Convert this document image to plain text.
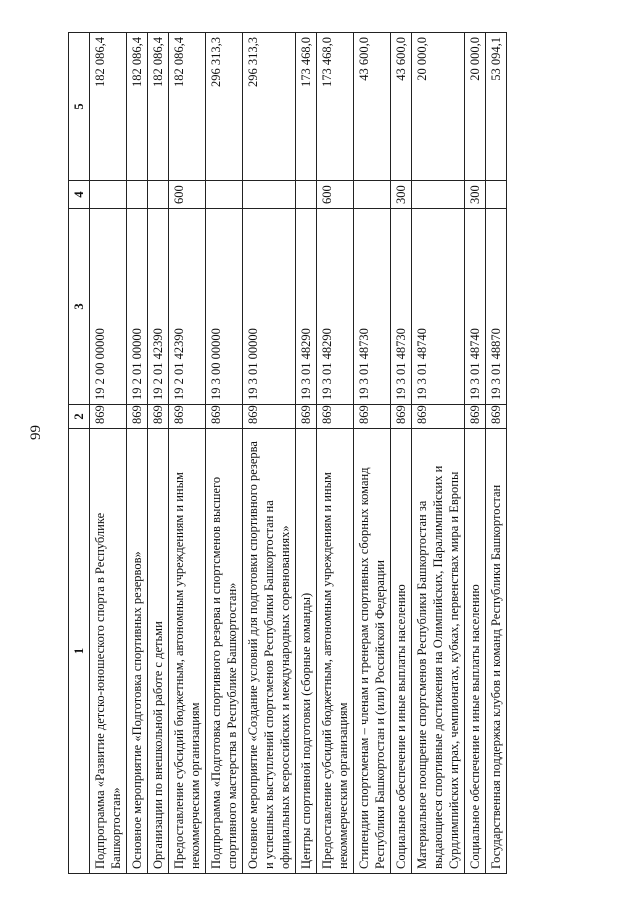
99
1	2	3	4	5
Подпрограмма «Развитие детско-юношеского спорта в Республике Башкортостан»	869	19 2 00 00000		182 086,4
Основное мероприятие «Подготовка спортивных резервов»	869	19 2 01 00000		182 086,4
Организации по внешкольной работе с детьми	869	19 2 01 42390		182 086,4
Предоставление субсидий бюджетным, автономным учреждениям и иным некоммерческим организациям	869	19 2 01 42390	600	182 086,4
Подпрограмма «Подготовка спортивного резерва и спортсменов высшего спортивного мастерства в Республике Башкортостан»	869	19 3 00 00000		296 313,3
Основное мероприятие «Создание условий для подготовки спортивного резерва и успешных выступлений спортсменов Республики Башкортостан на официальных всероссийских и международных соревнованиях»	869	19 3 01 00000		296 313,3
Центры спортивной подготовки (сборные команды)	869	19 3 01 48290		173 468,0
Предоставление субсидий бюджетным, автономным учреждениям и иным некоммерческим организациям	869	19 3 01 48290	600	173 468,0
Стипендии спортсменам – членам и тренерам спортивных сборных команд Республики Башкортостан и (или) Российской Федерации	869	19 3 01 48730		43 600,0
Социальное обеспечение и иные выплаты населению	869	19 3 01 48730	300	43 600,0
Материальное поощрение спортсменов Республики Башкортостан за выдающиеся спортивные достижения на Олимпийских, Паралимпийских и Сурдлимпийских играх, чемпионатах, кубках, первенствах мира и Европы	869	19 3 01 48740		20 000,0
Социальное обеспечение и иные выплаты населению	869	19 3 01 48740	300	20 000,0
Государственная поддержка клубов и команд Республики Башкортостан	869	19 3 01 48870		53 094,1
